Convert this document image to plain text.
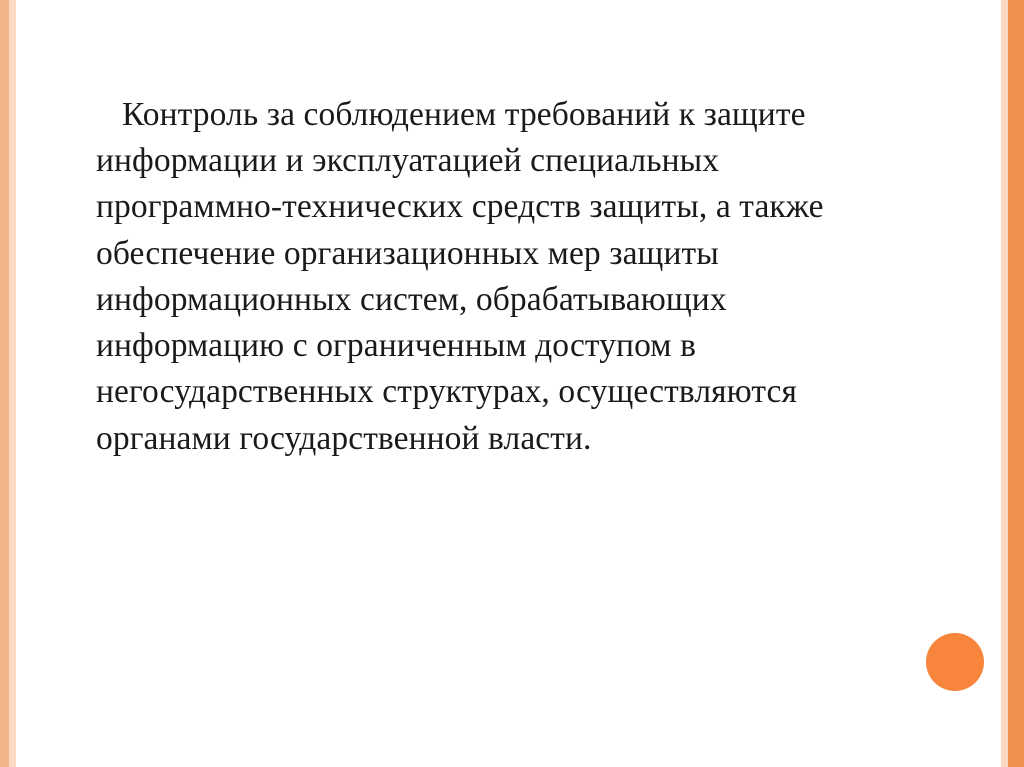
Контроль за соблюдением требований к защите информации и эксплуатацией специальных программно-технических средств защиты, а также обеспечение организационных мер защиты информационных систем, обрабатывающих информацию с ограниченным доступом в негосударственных структурах, осуществляются органами государственной власти.
